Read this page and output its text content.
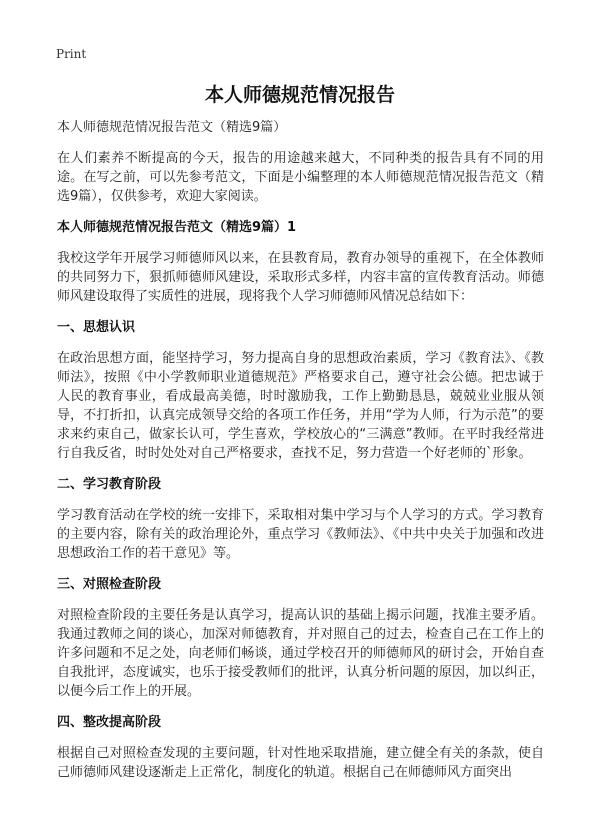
Print
本人师德规范情况报告

本人师德规范情况报告范文（精选9篇）

在人们素养不断提高的今天，报告的用途越来越大，不同种类的报告具有不同的用途。在写之前，可以先参考范文，下面是小编整理的本人师德规范情况报告范文（精选9篇），仅供参考，欢迎大家阅读。

本人师德规范情况报告范文（精选9篇）1

我校这学年开展学习师德师风以来，在县教育局，教育办领导的重视下，在全体教师的共同努力下，狠抓师德师风建设，采取形式多样，内容丰富的宣传教育活动。师德师风建设取得了实质性的进展，现将我个人学习师德师风情况总结如下：

一、思想认识

在政治思想方面，能坚持学习，努力提高自身的思想政治素质，学习《教育法》、《教师法》，按照《中小学教师职业道德规范》严格要求自己，遵守社会公德。把忠诚于人民的教育事业，看成最高美德，时时激励我，工作上勤勤恳恳，兢兢业业服从领导，不打折扣，认真完成领导交给的各项工作任务，并用“学为人师，行为示范”的要求来约束自己，做家长认可，学生喜欢，学校放心的“三满意”教师。在平时我经常进行自我反省，时时处处对自己严格要求，查找不足，努力营造一个好老师的`形象。

二、学习教育阶段

学习教育活动在学校的统一安排下，采取相对集中学习与个人学习的方式。学习教育的主要内容，除有关的政治理论外，重点学习《教师法》、《中共中央关于加强和改进思想政治工作的若干意见》等。

三、对照检查阶段

对照检查阶段的主要任务是认真学习，提高认识的基础上揭示问题，找准主要矛盾。我通过教师之间的谈心，加深对师德教育，并对照自己的过去，检查自己在工作上的许多问题和不足之处，向老师们畅谈，通过学校召开的师德师风的研讨会，开始自查自我批评，态度诚实，也乐于接受教师们的批评，认真分析问题的原因，加以纠正，以便今后工作上的开展。

四、整改提高阶段

根据自己对照检查发现的主要问题，针对性地采取措施，建立健全有关的条款，使自己师德师风建设逐渐走上正常化，制度化的轨道。根据自己在师德师风方面突出
